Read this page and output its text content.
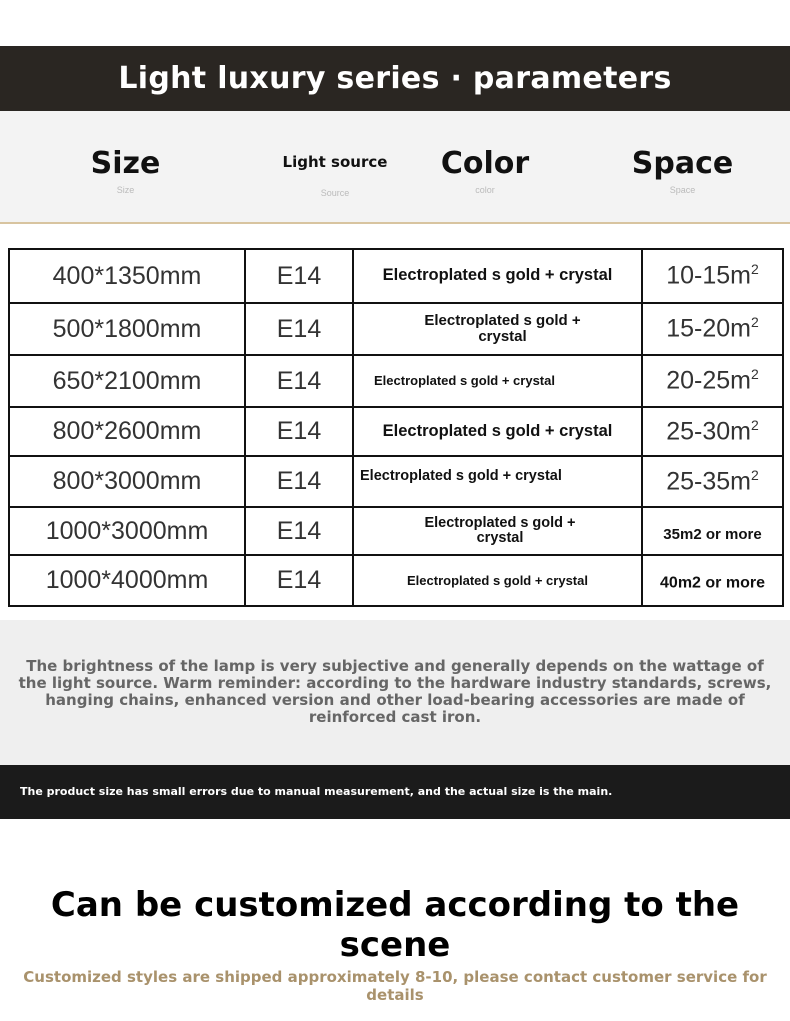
Light luxury series · parameters
Size
Size
Light source
Source
Color
color
Space
Space
400*1350mm	E14	Electroplated s gold + crystal	$10-15m^2$
500*1800mm	E14	Electroplated s gold + crystal	$15-20m^2$
650*2100mm	E14	Electroplated s gold + crystal	$20-25m^2$
800*2600mm	E14	Electroplated s gold + crystal	$25-30m^2$
800*3000mm	E14	Electroplated s gold + crystal	$25-35m^2$
1000*3000mm	E14	Electroplated s gold + crystal	35m2 or more
1000*4000mm	E14	Electroplated s gold + crystal	40m2 or more
The brightness of the lamp is very subjective and generally depends on the wattage of the light source. Warm reminder: according to the hardware industry standards, screws, hanging chains, enhanced version and other load-bearing accessories are made of reinforced cast iron.
The product size has small errors due to manual measurement, and the actual size is the main.
Can be customized according to the scene
Customized styles are shipped approximately 8-10, please contact customer service for details
